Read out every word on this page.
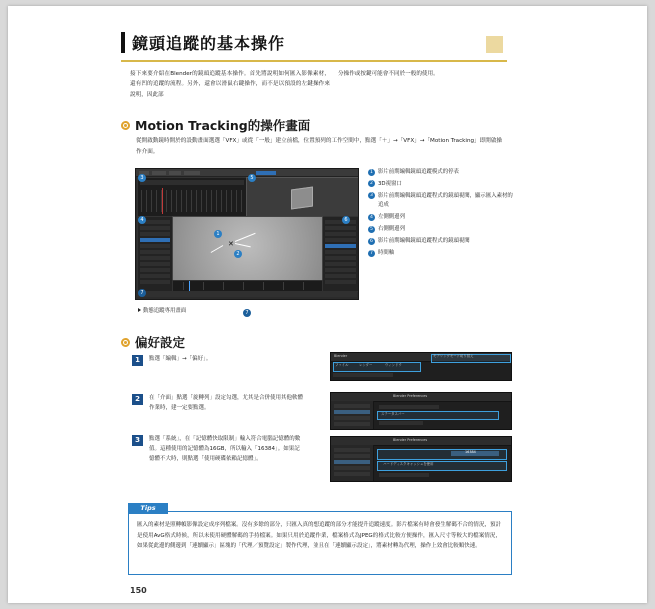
鏡頭追蹤的基本操作
接下來要介紹在Blender的鏡頭追蹤基本操作。首先將說明如何匯入影像素材，還有凹的追蹤的流程。另外，還會以滑鼠右鍵操作，而不是以預設的左鍵操作來說明，因此部
分操作或按鍵可能會不同於一般的使用。
Motion Tracking的操作畫面
從開啟動鏡時開於的設動畫面選選「VFX」或從「一般」建立前檔，位置預列的工作空間中，點選「＋」→「VFX」→「Motion Tracking」即開啟操作介面。
✕
3	5
4	6
1
2
7
7
動態追蹤專用畫面
1 影片前期編輯鏡頭追蹤模式的停表
2 3D視窗口
3 影片前期編輯鏡頭追蹤程式的鏡頭視閱，顯示匯入素材的追成
4 左側側邊列
5 右側側邊列
6 影片前期編輯鏡頭追蹤程式的鏡頭視閱
7 時間軸
偏好設定
1	點選「編輯」→「偏好」。	Blender
ファイル	レンダー	ウィンドウ
モデリングモード切り替え
2	在「介面」點選「旋轉列」設定勾選，尤其是合併使用其他軟體作業時，建一定要點選。
Blender Preferences
ステータスバー
3	點選「系統」，在「記憶體快取限制」輸入符合電腦記憶體的數值。這種使用的記憶體為16GB，所以輸入「16384」。如果記憶體不大時，則點選「使用硬碟依賴記憶體」。
Blender Preferences
16384
ハードディスクキャッシュを使用
Tips
匯入的素材是照轉幀影像設定成序列檔案。沒有多餘的部分，只匯入真的想追蹤的部分才能提升追蹤速度。影片檔案有時會發生解碼不合的情況，預計是使用AvG格式時候，所以未使用硬體解碼的手持檔案。如果只用於追蹤作業，檔案格式為JPEG的格式比較方便操作，匯入尺寸等較大的檔案情況，如果從此邊的側邊到「連續顯示」區塊的「代理／預覽設定」製作代理，並且在「連續顯示設定」，將素材轉為代理，操作上效會比較順快速。
150
